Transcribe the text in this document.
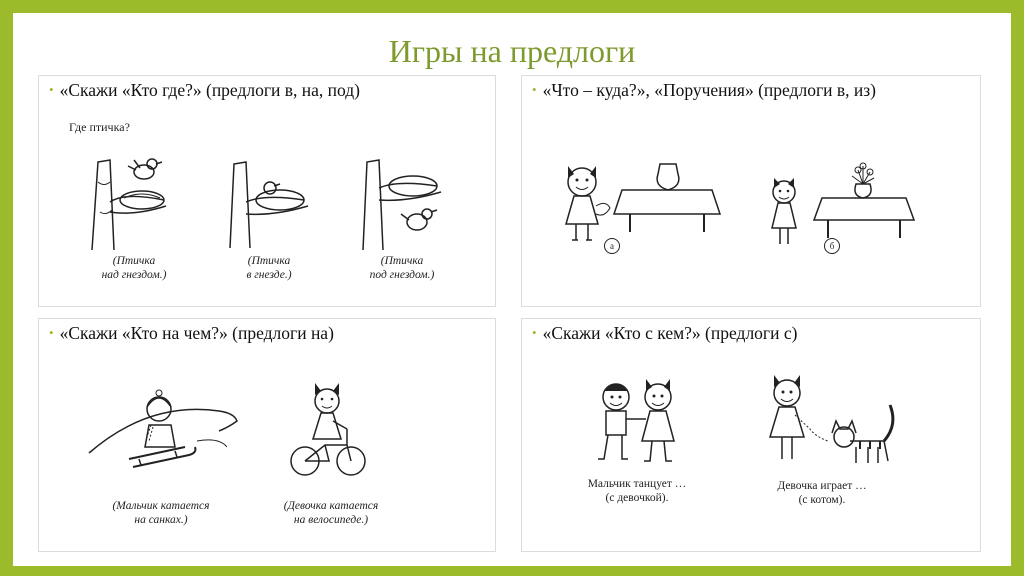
Игры на предлоги
• «Скажи «Кто где?» (предлоги в, на, под)
Где птичка?
(Птичка
над гнездом.)
(Птичка
в гнезде.)
(Птичка
под гнездом.)
• «Что – куда?», «Поручения» (предлоги в, из)
а	б
• «Скажи «Кто на чем?» (предлоги на)
(Мальчик катается
на санках.)
(Девочка катается
на велосипеде.)
• «Скажи «Кто с кем?» (предлоги с)
Мальчик танцует …
(с девочкой).
Девочка играет …
(с котом).
